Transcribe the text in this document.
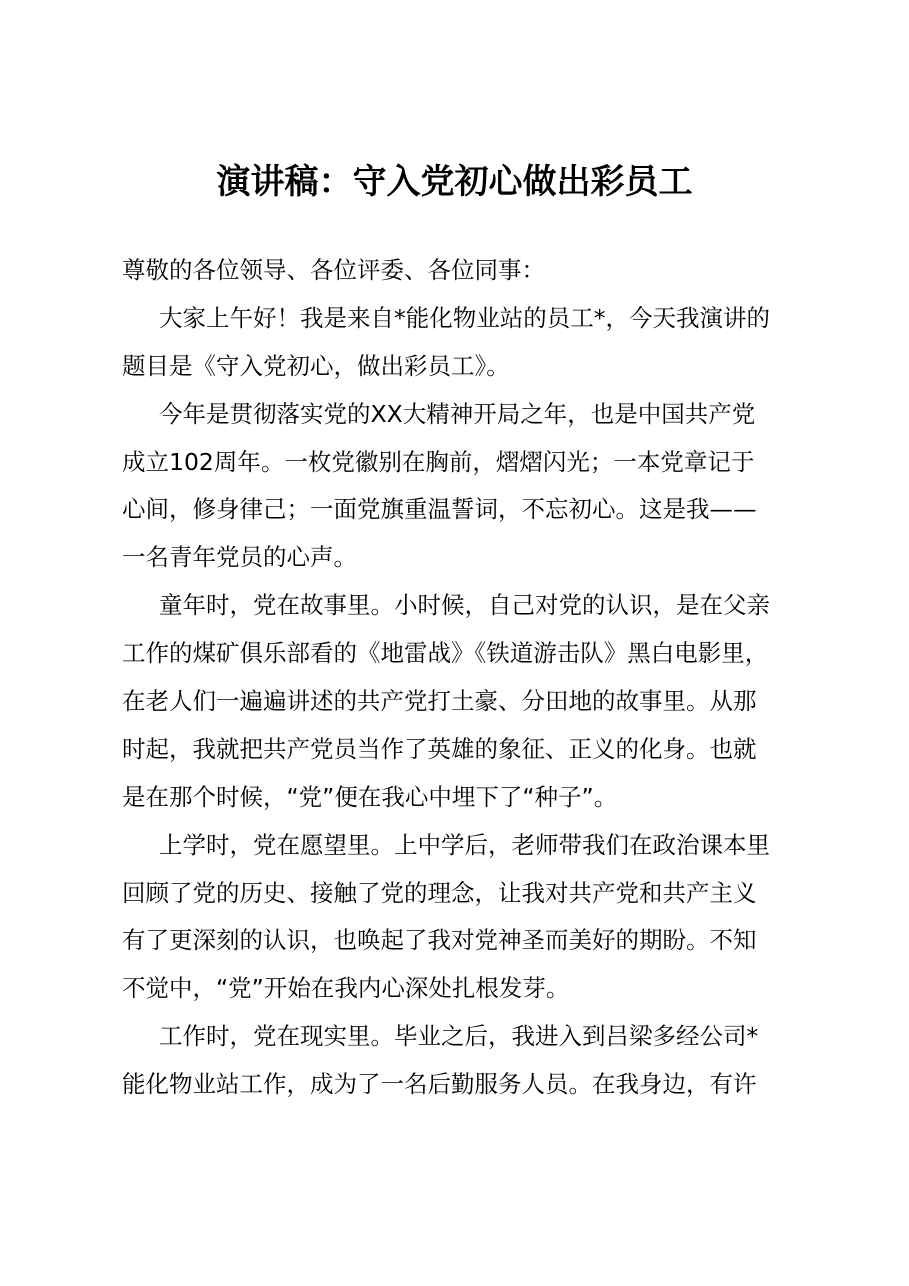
演讲稿：守入党初心做出彩员工
尊敬的各位领导、各位评委、各位同事：
大家上午好！我是来自*能化物业站的员工*，今天我演讲的
题目是《守入党初心，做出彩员工》。
今年是贯彻落实党的XX大精神开局之年，也是中国共产党
成立102周年。一枚党徽别在胸前，熠熠闪光；一本党章记于
心间，修身律己；一面党旗重温誓词，不忘初心。这是我——
一名青年党员的心声。
童年时，党在故事里。小时候，自己对党的认识，是在父亲
工作的煤矿俱乐部看的《地雷战》《铁道游击队》黑白电影里，
在老人们一遍遍讲述的共产党打土豪、分田地的故事里。从那
时起，我就把共产党员当作了英雄的象征、正义的化身。也就
是在那个时候，“党”便在我心中埋下了“种子”。
上学时，党在愿望里。上中学后，老师带我们在政治课本里
回顾了党的历史、接触了党的理念，让我对共产党和共产主义
有了更深刻的认识，也唤起了我对党神圣而美好的期盼。不知
不觉中，“党”开始在我内心深处扎根发芽。
工作时，党在现实里。毕业之后，我进入到吕梁多经公司*
能化物业站工作，成为了一名后勤服务人员。在我身边，有许
